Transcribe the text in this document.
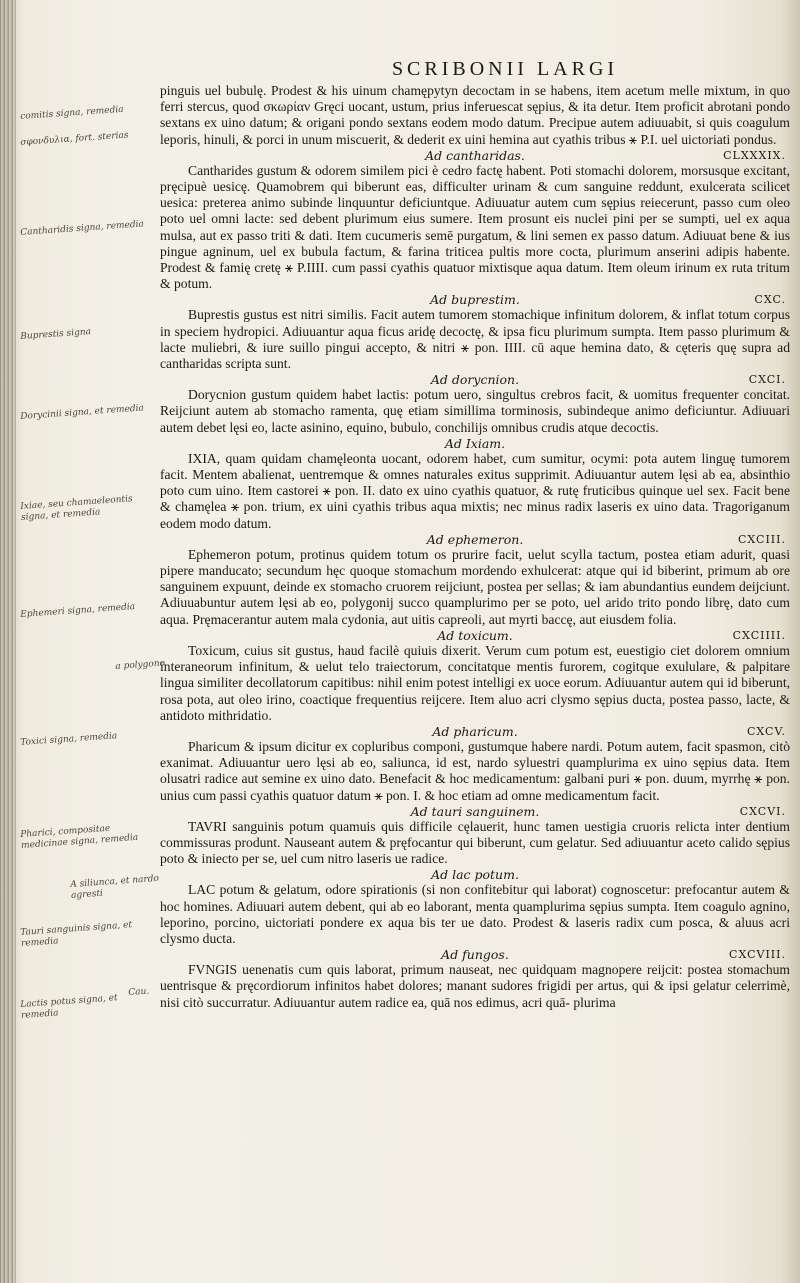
comitis signa, remedia
σφονδυλια, fort. sterias
Cantharidis signa, remedia
Buprestis signa
Dorycinii signa, et remedia
Ixiae, seu chamaeleontis signa, et remedia
Ephemeri signa, remedia
a polygono
Toxici signa, remedia
Pharici, compositae medicinae signa, remedia
A siliunca, et nardo agresti
Tauri sanguinis signa, et remedia
Lactis potus signa, et remedia
Cau.
SCRIBONII LARGI
pinguis uel bubulę. Prodest & his uinum chamępytyn decoctam in se habens, item acetum melle mixtum, in quo ferri stercus, quod σκωρίαν Gręci uocant, ustum, prius inferuescat sępius, & ita detur. Item proficit abrotani pondo sextans ex uino datum; & origani pondo sextans eodem modo datum. Precipue autem adiuuabit, si quis coagulum leporis, hinuli, & porci in unum miscuerit, & dederit ex uini hemina aut cyathis tribus ⚹ P.I. uel uictoriati pondus.
Ad cantharidas.	CLXXXIX.
Cantharides gustum & odorem similem pici è cedro factę habent. Poti stomachi dolorem, morsusque excitant, pręcipuè uesicę. Quamobrem qui biberunt eas, difficulter urinam & cum sanguine reddunt, exulcerata scilicet uesica: preterea animo subinde linquuntur deficiuntque. Adiuuatur autem cum sępius reiecerunt, passo cum oleo poto uel omni lacte: sed debent plurimum eius sumere. Item prosunt eis nuclei pini per se sumpti, uel ex aqua mulsa, aut ex passo triti & dati. Item cucumeris semē purgatum, & lini semen ex passo datum. Adiuuat bene & ius pingue agninum, uel ex bubula factum, & farina triticea pultis more cocta, plurimum anserini adipis habente. Prodest & famię cretę ⚹ P.IIII. cum passi cyathis quatuor mixtisque aqua datum. Item oleum irinum ex ruta tritum & potum.
Ad buprestim.	CXC.
Buprestis gustus est nitri similis. Facit autem tumorem stomachique infinitum dolorem, & inflat totum corpus in speciem hydropici. Adiuuantur aqua ficus aridę decoctę, & ipsa ficu plurimum sumpta. Item passo plurimum & lacte muliebri, & iure suillo pingui accepto, & nitri ⚹ pon. IIII. cū aque hemina dato, & cęteris quę supra ad cantharidas scripta sunt.
Ad dorycnion.	CXCI.
Dorycnion gustum quidem habet lactis: potum uero, singultus crebros facit, & uomitus frequenter concitat. Reijciunt autem ab stomacho ramenta, quę etiam simillima torminosis, subindeque animo deficiuntur. Adiuuari autem debet lęsi eo, lacte asinino, equino, bubulo, conchilijs omnibus crudis atque decoctis.
Ad Ixiam.
IXIA, quam quidam chamęleonta uocant, odorem habet, cum sumitur, ocymi: pota autem linguę tumorem facit. Mentem abalienat, uentremque & omnes naturales exitus supprimit. Adiuuantur autem lęsi ab ea, absinthio poto cum uino. Item castorei ⚹ pon. II. dato ex uino cyathis quatuor, & rutę fruticibus quinque uel sex. Facit bene & chamęlea ⚹ pon. trium, ex uini cyathis tribus aqua mixtis; nec minus radix laseris ex uino data. Tragoriganum eodem modo datum.
Ad ephemeron.	CXCIII.
Ephemeron potum, protinus quidem totum os prurire facit, uelut scylla tactum, postea etiam adurit, quasi pipere manducato; secundum hęc quoque stomachum mordendo exhulcerat: atque qui id biberint, primum ab ore sanguinem expuunt, deinde ex stomacho cruorem reijciunt, postea per sellas; & iam abundantius eundem deijciunt. Adiuuabuntur autem lęsi ab eo, polygonij succo quamplurimo per se poto, uel arido trito pondo librę, dato cum aqua. Pręmacerantur autem mala cydonia, aut uitis capreoli, aut myrti baccę, aut eiusdem folia.
Ad toxicum.	CXCIIII.
Toxicum, cuius sit gustus, haud facilè quiuis dixerit. Verum cum potum est, euestigio ciet dolorem omnium interaneorum infinitum, & uelut telo traiectorum, concitatque mentis furorem, cogitque exululare, & palpitare lingua similiter decollatorum capitibus: nihil enim potest intelligi ex uoce eorum. Adiuuantur autem qui id biberunt, rosa pota, aut oleo irino, coactique frequentius reijcere. Item aluo acri clysmo sępius ducta, postea passo, lacte, & antidoto mithridatio.
Ad pharicum.	CXCV.
Pharicum & ipsum dicitur ex copluribus componi, gustumque habere nardi. Potum autem, facit spasmon, citò exanimat. Adiuuantur uero lęsi ab eo, saliunca, id est, nardo syluestri quamplurima ex uino sępius data. Item olusatri radice aut semine ex uino dato. Benefacit & hoc medicamentum: galbani puri ⚹ pon. duum, myrrhę ⚹ pon. unius cum passi cyathis quatuor datum ⚹ pon. I. & hoc etiam ad omne medicamentum facit.
Ad tauri sanguinem.	CXCVI.
TAVRI sanguinis potum quamuis quis difficile cęlauerit, hunc tamen uestigia cruoris relicta inter dentium commissuras produnt. Nauseant autem & pręfocantur qui biberunt, cum gelatur. Sed adiuuantur aceto calido sępius poto & iniecto per se, uel cum nitro laseris ue radice.
Ad lac potum.
LAC potum & gelatum, odore spirationis (si non confitebitur qui laborat) cognoscetur: prefocantur autem & hoc homines. Adiuuari autem debent, qui ab eo laborant, menta quamplurima sępius sumpta. Item coagulo agnino, leporino, porcino, uictoriati pondere ex aqua bis ter ue dato. Prodest & laseris radix cum posca, & aluus acri clysmo ducta.
Ad fungos.	CXCVIII.
FVNGIS uenenatis cum quis laborat, primum nauseat, nec quidquam magnopere reijcit: postea stomachum uentrisque & pręcordiorum infinitos habet dolores; manant sudores frigidi per artus, qui & ipsi gelatur celerrimè, nisi citò succurratur. Adiuuantur autem radice ea, quā nos edimus, acri quā- plurima
